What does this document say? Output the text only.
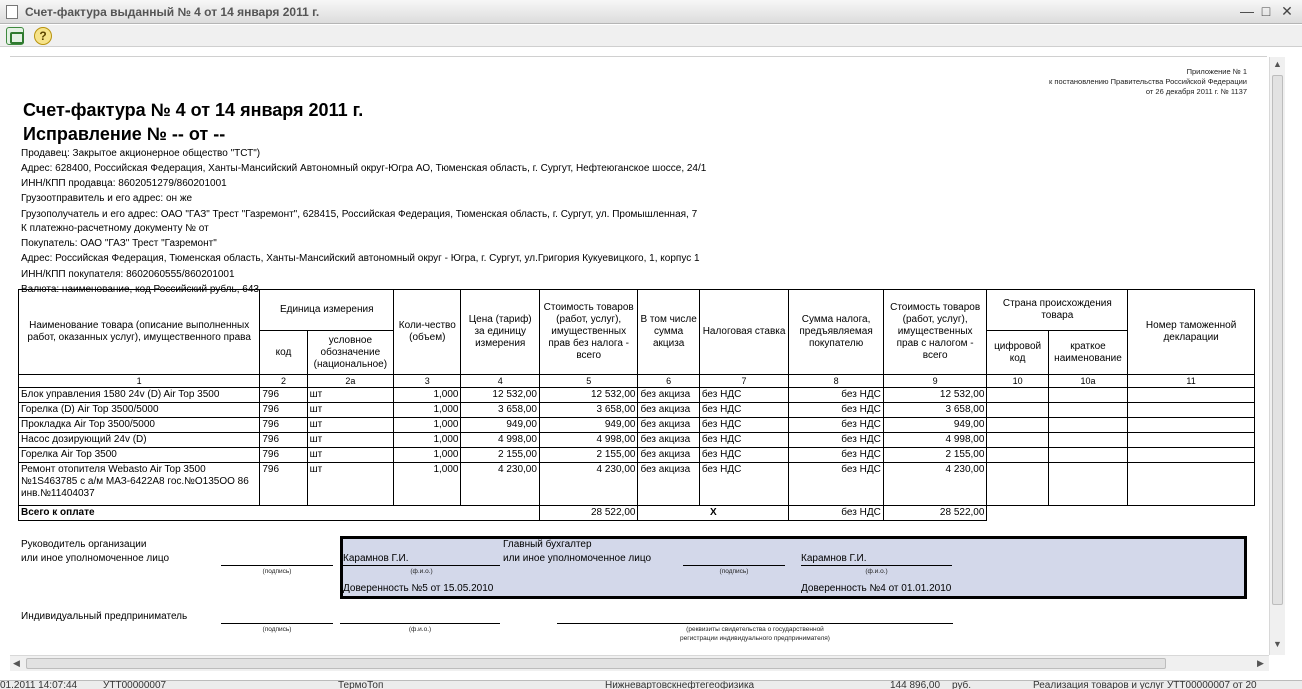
Счет-фактура выданный № 4 от 14 января 2011 г.	— □ ✕
?
Приложение № 1
к постановлению Правительства Российской Федерации
от 26 декабря 2011 г. № 1137
Счет-фактура № 4 от 14 января 2011 г.
Исправление № -- от --
Продавец: Закрытое акционерное общество "ТСТ")
Адрес: 628400, Российская Федерация, Ханты-Мансийский Автономный округ-Югра АО, Тюменская область, г. Сургут, Нефтеюганское шоссе, 24/1
ИНН/КПП продавца: 8602051279/860201001
Грузоотправитель и его адрес: он же
Грузополучатель и его адрес: ОАО "ГАЗ" Трест "Газремонт", 628415, Российская Федерация, Тюменская область, г. Сургут, ул. Промышленная, 7
К платежно-расчетному документу № от
Покупатель: ОАО "ГАЗ" Трест "Газремонт"
Адрес: Российская Федерация, Тюменская область, Ханты-Мансийский автономный округ - Югра, г. Сургут, ул.Григория Кукуевицкого, 1, корпус 1
ИНН/КПП покупателя: 8602060555/860201001
Валюта: наименование, код Российский рубль, 643
Наименование товара (описание выполненных работ, оказанных услуг), имущественного права	Единица измерения		Коли-чество (объем)	Цена (тариф) за единицу измерения	Стоимость товаров (работ, услуг), имущественных прав без налога - всего	В том числе сумма акциза	Налоговая ставка	Сумма налога, предъявляемая покупателю	Стоимость товаров (работ, услуг), имущественных прав с налогом - всего	Страна происхождения товара		Номер таможенной декларации
	код	условное обозначение (национальное)								цифровой код	краткое наименование	
1	2	2а	3	4	5	6	7	8	9	10	10а	11
Блок управления 1580 24v (D) Air Top 3500	796	шт	1,000	12 532,00	12 532,00	без акциза	без НДС	без НДС	12 532,00			
Горелка (D) Air Top 3500/5000	796	шт	1,000	3 658,00	3 658,00	без акциза	без НДС	без НДС	3 658,00			
Прокладка Air Top 3500/5000	796	шт	1,000	949,00	949,00	без акциза	без НДС	без НДС	949,00			
Насос дозирующий 24v (D)	796	шт	1,000	4 998,00	4 998,00	без акциза	без НДС	без НДС	4 998,00			
Горелка Air Top 3500	796	шт	1,000	2 155,00	2 155,00	без акциза	без НДС	без НДС	2 155,00			
Ремонт отопителя Webasto Air Top 3500 №1S463785 с а/м МАЗ-6422А8 гос.№О135ОО 86 инв.№11404037	796	шт	1,000	4 230,00	4 230,00	без акциза	без НДС	без НДС	4 230,00			
Всего к оплате					28 522,00	X		без НДС	28 522,00			
Руководитель организации
или иное уполномоченное лицо
(подпись)
Карамнов Г.И.
(ф.и.о.)
Доверенность №5 от 15.05.2010
Главный бухгалтер
или иное уполномоченное лицо
(подпись)
Карамнов Г.И.
(ф.и.о.)
Доверенность №4 от 01.01.2010
Индивидуальный предприниматель
(подпись)	(ф.и.о.)	(реквизиты свидетельства о государственной
регистрации индивидуального предпринимателя)
▲
▼
◀	▶
01.2011 14:07:44	УТТ00000007	ТермоТоп	Нижневартовскнефтегеофизика	144 896,00 руб.	Реализация товаров и услуг УТТ00000007 от 20
